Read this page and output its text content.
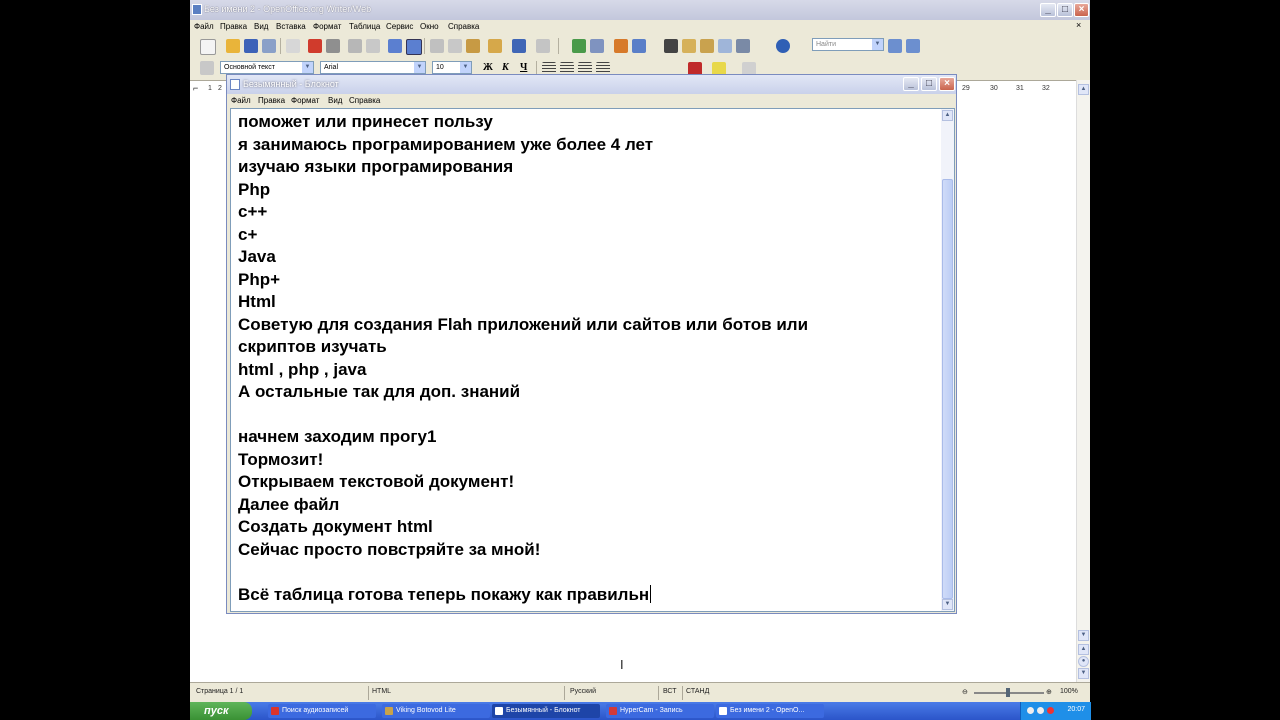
Без имени 2 - OpenOffice.org Writer/Web	_	□	×
Файл Правка Вид Вставка Формат Таблица Сервис Окно Справка	×
Найти	▼
Основной текст	▼	Arial	▼	10	▼ Ж К Ч
⌐ 1 2	29	30	31	32	▲
▼
▲
●
▼
Страница 1 / 1	HTML	Русский	ВСТ СТАНД	⊖	⊕ 100%
Безымянный - Блокнот	_	□	×
Файл Правка Формат Вид Справка
поможет или принесет пользу
я занимаюсь програмированием уже более 4 лет
изучаю языки програмирования
Php
c++
c+
Java
Php+
Html
Советую для создания Flah приложений или сайтов или ботов или
скриптов изучать
html , php , java
А остальные так для доп. знаний
начнем заходим прогу1
Тормозит!
Открываем текстовой документ!
Далее файл
Создать документ html
Сейчас просто повстряйте за мной!
Всё таблица готова теперь покажу как правильн
▲
▼
I
пуск	20:07
Поиск аудиозаписей	Viking Botovod Lite	Безымянный - Блокнот	HyperCam - Запись	Без имени 2 - OpenO...
